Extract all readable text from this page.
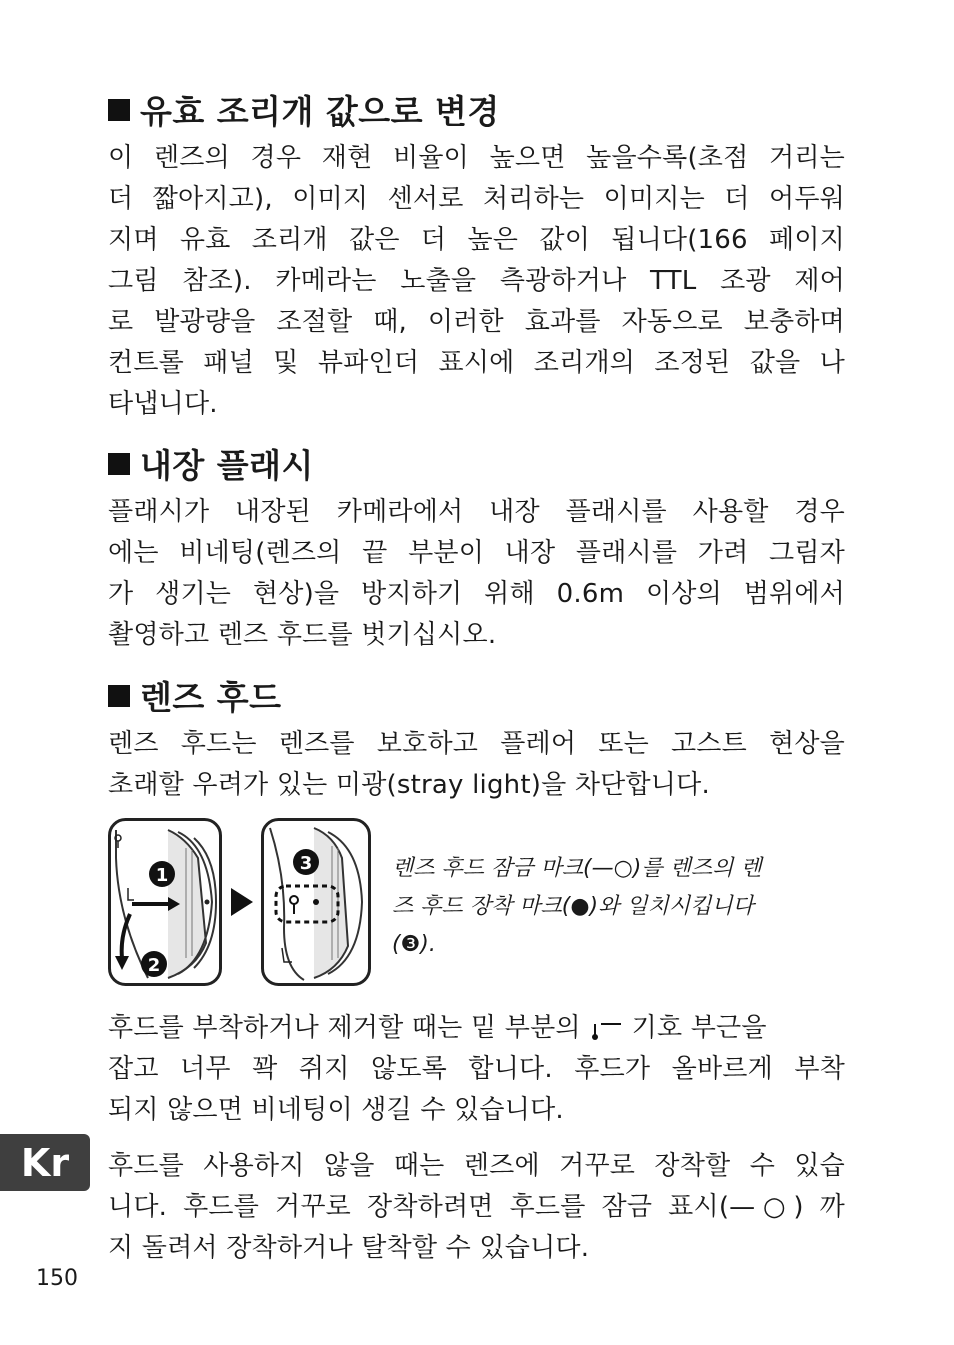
유효 조리개 값으로 변경

이 렌즈의 경우 재현 비율이 높으면 높을수록(초점 거리는
더 짧아지고), 이미지 센서로 처리하는 이미지는 더 어두워
지며 유효 조리개 값은 더 높은 값이 됩니다(166 페이지
그림 참조). 카메라는 노출을 측광하거나 TTL 조광 제어
로 발광량을 조절할 때, 이러한 효과를 자동으로 보충하며
컨트롤 패널 및 뷰파인더 표시에 조리개의 조정된 값을 나
타냅니다.

내장 플래시

플래시가 내장된 카메라에서 내장 플래시를 사용할 경우
에는 비네팅(렌즈의 끝 부분이 내장 플래시를 가려 그림자
가 생기는 현상)을 방지하기 위해 0.6m 이상의 범위에서
촬영하고 렌즈 후드를 벗기십시오.

렌즈 후드

렌즈 후드는 렌즈를 보호하고 플레어 또는 고스트 현상을
초래할 우려가 있는 미광(stray light)을 차단합니다.

1
2
3	렌즈 후드 잠금 마크(—○)를 렌즈의 렌
즈 후드 장착 마크(●)와 일치시킵니다
(❸).

후드를 부착하거나 제거할 때는 밑 부분의 기호 부근을
잡고 너무 꽉 쥐지 않도록 합니다. 후드가 올바르게 부착
되지 않으면 비네팅이 생길 수 있습니다.

후드를 사용하지 않을 때는 렌즈에 거꾸로 장착할 수 있습
니다. 후드를 거꾸로 장착하려면 후드를 잠금 표시(—○) 까
지 돌려서 장착하거나 탈착할 수 있습니다.

Kr
150
